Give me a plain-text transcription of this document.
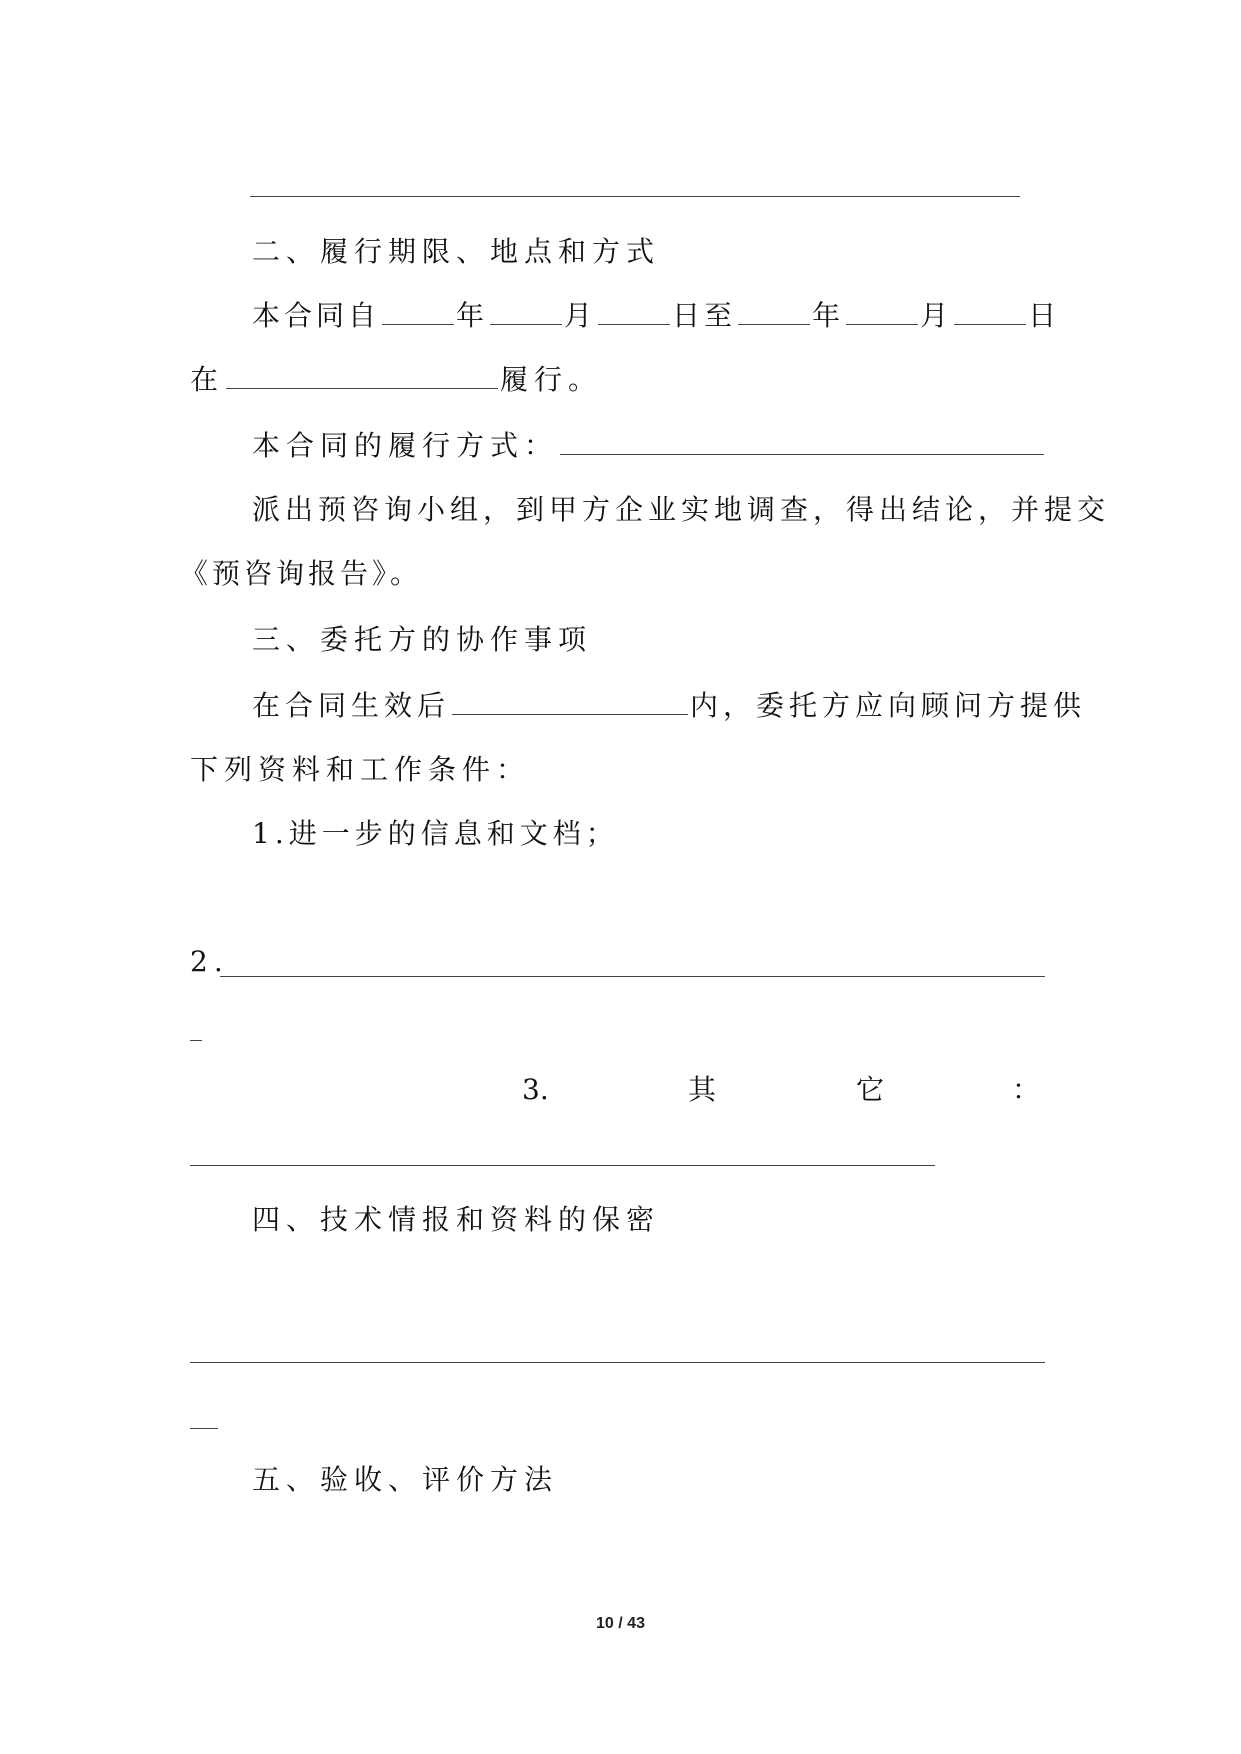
二、履行期限、地点和方式
本合同自	年	月	日至	年	月	日
在	履行。
本合同的履行方式：
派出预咨询小组，到甲方企业实地调查，得出结论，并提交
《预咨询报告》。
三、委托方的协作事项
在合同生效后	内，委托方应向顾问方提供
下列资料和工作条件：
1.进一步的信息和文档；
2.
3.	其	它	：
四、技术情报和资料的保密
五、验收、评价方法
10 / 43
